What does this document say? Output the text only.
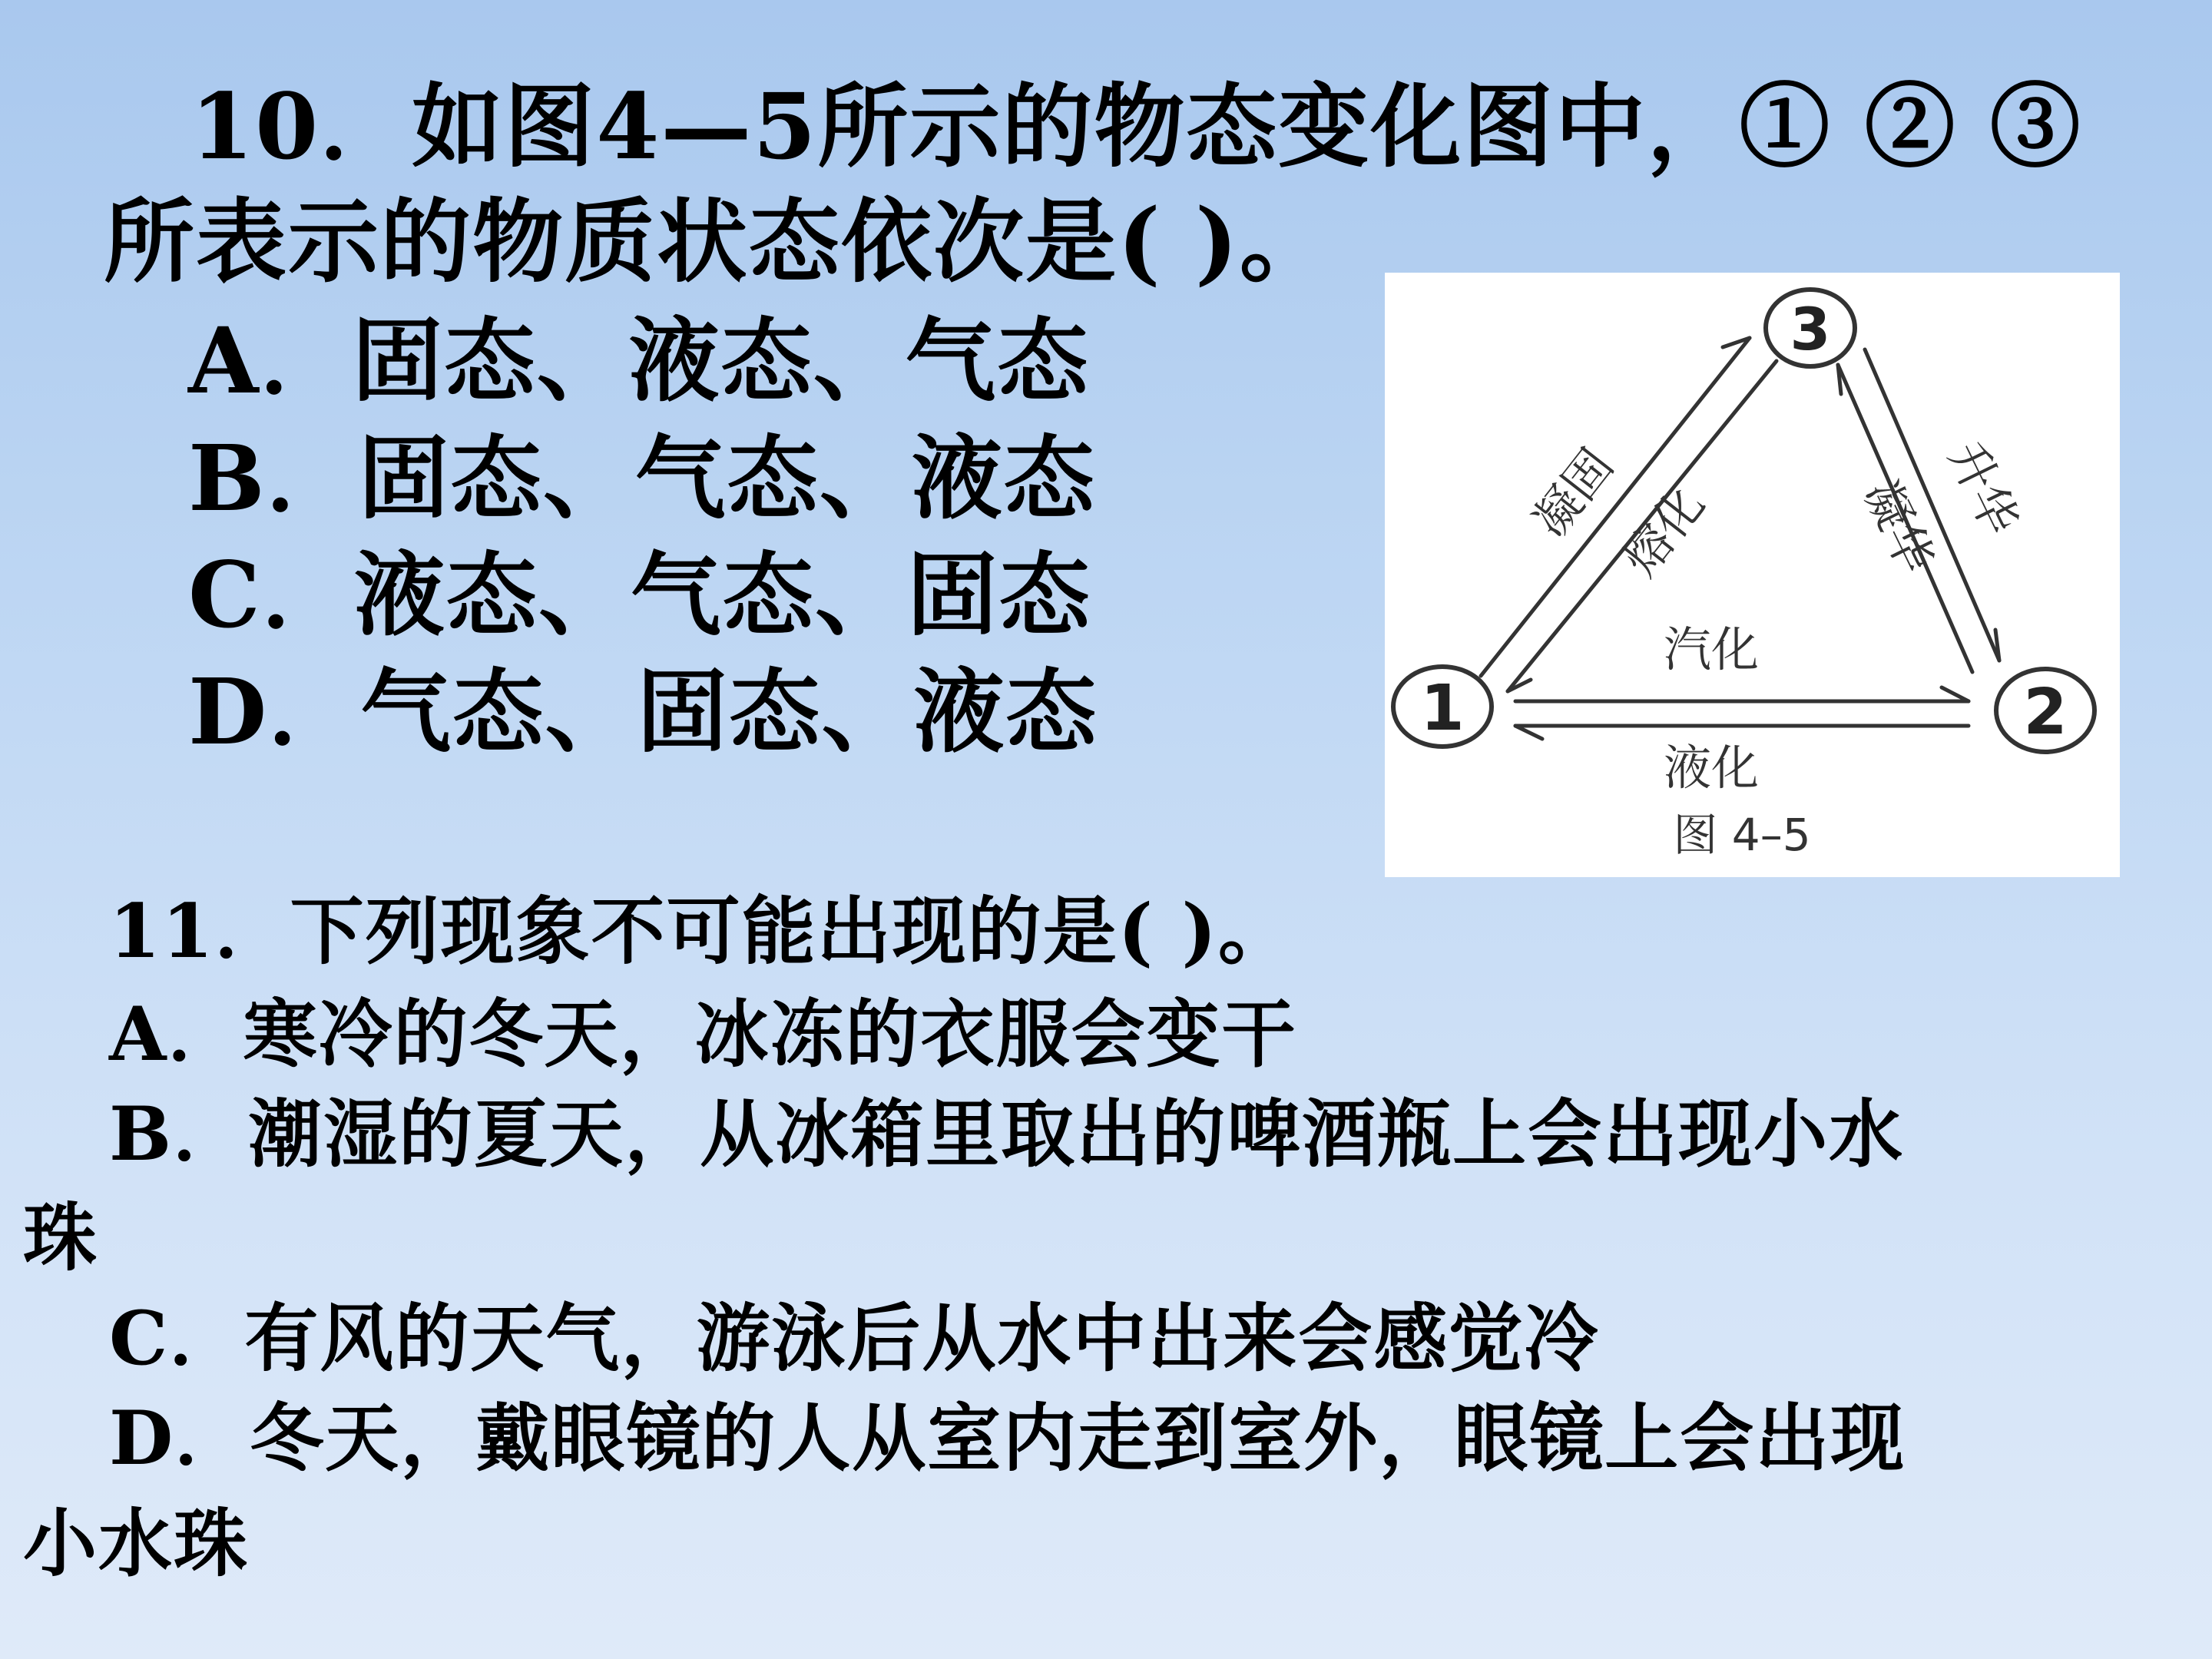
10．如图4—5所示的物态变化图中，① ② ③
所表示的物质状态依次是( )。
A．固态、液态、气态
B．固态、气态、液态
C．液态、气态、固态
D．气态、固态、液态	1	2
3
汽化
液化
凝固
熔化	凝华
升华
图 4–5
11．下列现象不可能出现的是( )。
A．寒冷的冬天，冰冻的衣服会变干
B．潮湿的夏天，从冰箱里取出的啤酒瓶上会出现小水
珠
C．有风的天气，游泳后从水中出来会感觉冷
D．冬天，戴眼镜的人从室内走到室外，眼镜上会出现
小水珠
